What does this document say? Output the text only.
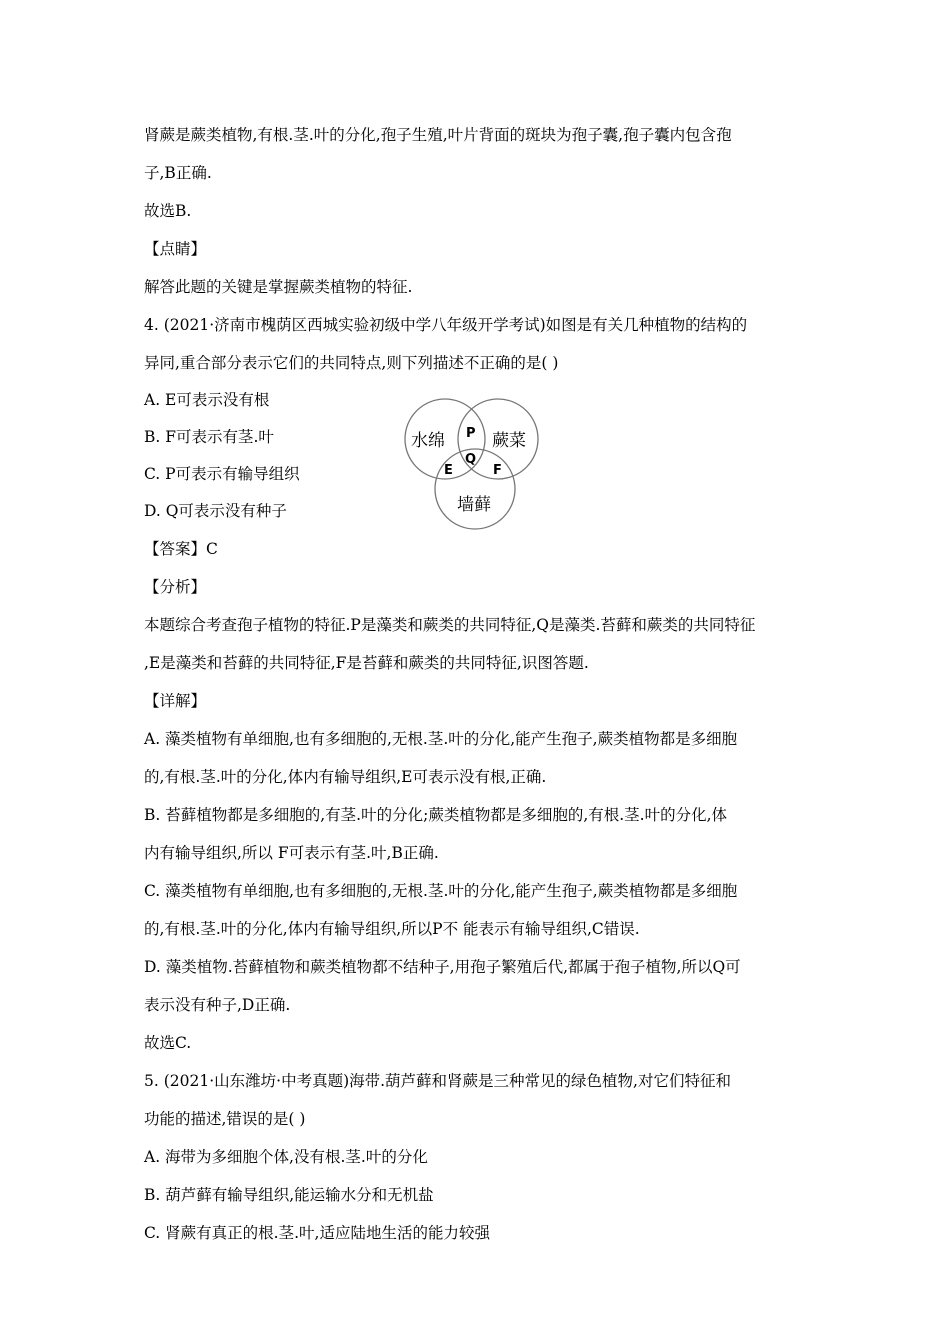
肾蕨是蕨类植物,有根.茎.叶的分化,孢子生殖,叶片背面的斑块为孢子囊,孢子囊内包含孢
子,B正确.
故选B.
【点睛】
解答此题的关键是掌握蕨类植物的特征.
4. (2021·济南市槐荫区西城实验初级中学八年级开学考试)如图是有关几种植物的结构的
异同,重合部分表示它们的共同特点,则下列描述不正确的是( )
A. E可表示没有根
B. F可表示有茎.叶
C. P可表示有输导组织
D. Q可表示没有种子
【答案】C
【分析】
本题综合考查孢子植物的特征.P是藻类和蕨类的共同特征,Q是藻类.苔藓和蕨类的共同特征
,E是藻类和苔藓的共同特征,F是苔藓和蕨类的共同特征,识图答题.
【详解】
A. 藻类植物有单细胞,也有多细胞的,无根.茎.叶的分化,能产生孢子,蕨类植物都是多细胞
的,有根.茎.叶的分化,体内有输导组织,E可表示没有根,正确.
B. 苔藓植物都是多细胞的,有茎.叶的分化;蕨类植物都是多细胞的,有根.茎.叶的分化,体
内有输导组织,所以 F可表示有茎.叶,B正确.
C. 藻类植物有单细胞,也有多细胞的,无根.茎.叶的分化,能产生孢子,蕨类植物都是多细胞
的,有根.茎.叶的分化,体内有输导组织,所以P不 能表示有输导组织,C错误.
D. 藻类植物.苔藓植物和蕨类植物都不结种子,用孢子繁殖后代,都属于孢子植物,所以Q可
表示没有种子,D正确.
故选C.
5. (2021·山东潍坊·中考真题)海带.葫芦藓和肾蕨是三种常见的绿色植物,对它们特征和
功能的描述,错误的是( )
A. 海带为多细胞个体,没有根.茎.叶的分化
B. 葫芦藓有输导组织,能运输水分和无机盐
C. 肾蕨有真正的根.茎.叶,适应陆地生活的能力较强
水绵	蕨菜
墙藓
P
Q
E	F
